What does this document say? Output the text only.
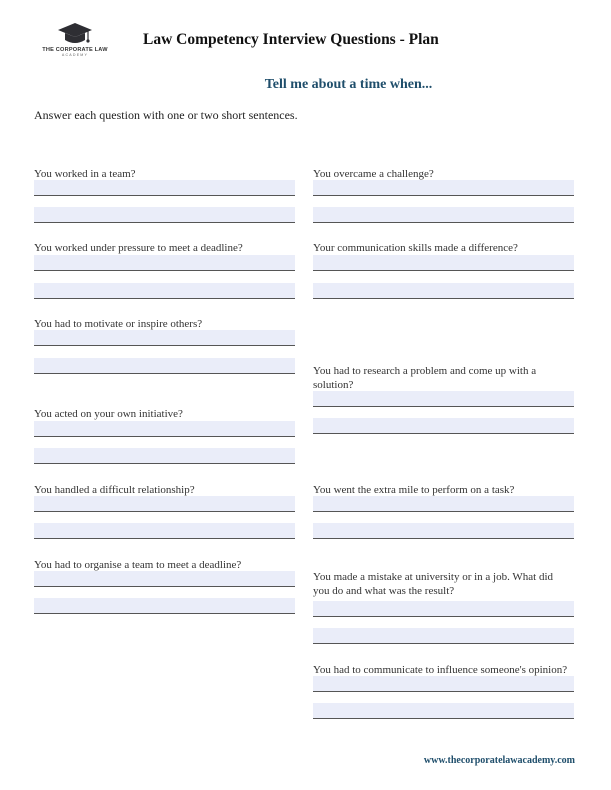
THE CORPORATE LAW
ACADEMY
Law Competency Interview Questions - Plan
Tell me about a time when...
Answer each question with one or two short sentences.
You worked in a team?
You worked under pressure to meet a deadline?
You had to motivate or inspire others?
You acted on your own initiative?
You handled a difficult relationship?
You had to organise a team to meet a deadline?
You overcame a challenge?
Your communication skills made a difference?
You had to research a problem and come up with a solution?
You went the extra mile to perform on a task?
You made a mistake at university or in a job. What did you do and what was the result?
You had to communicate to influence someone's opinion?
www.thecorporatelawacademy.com
